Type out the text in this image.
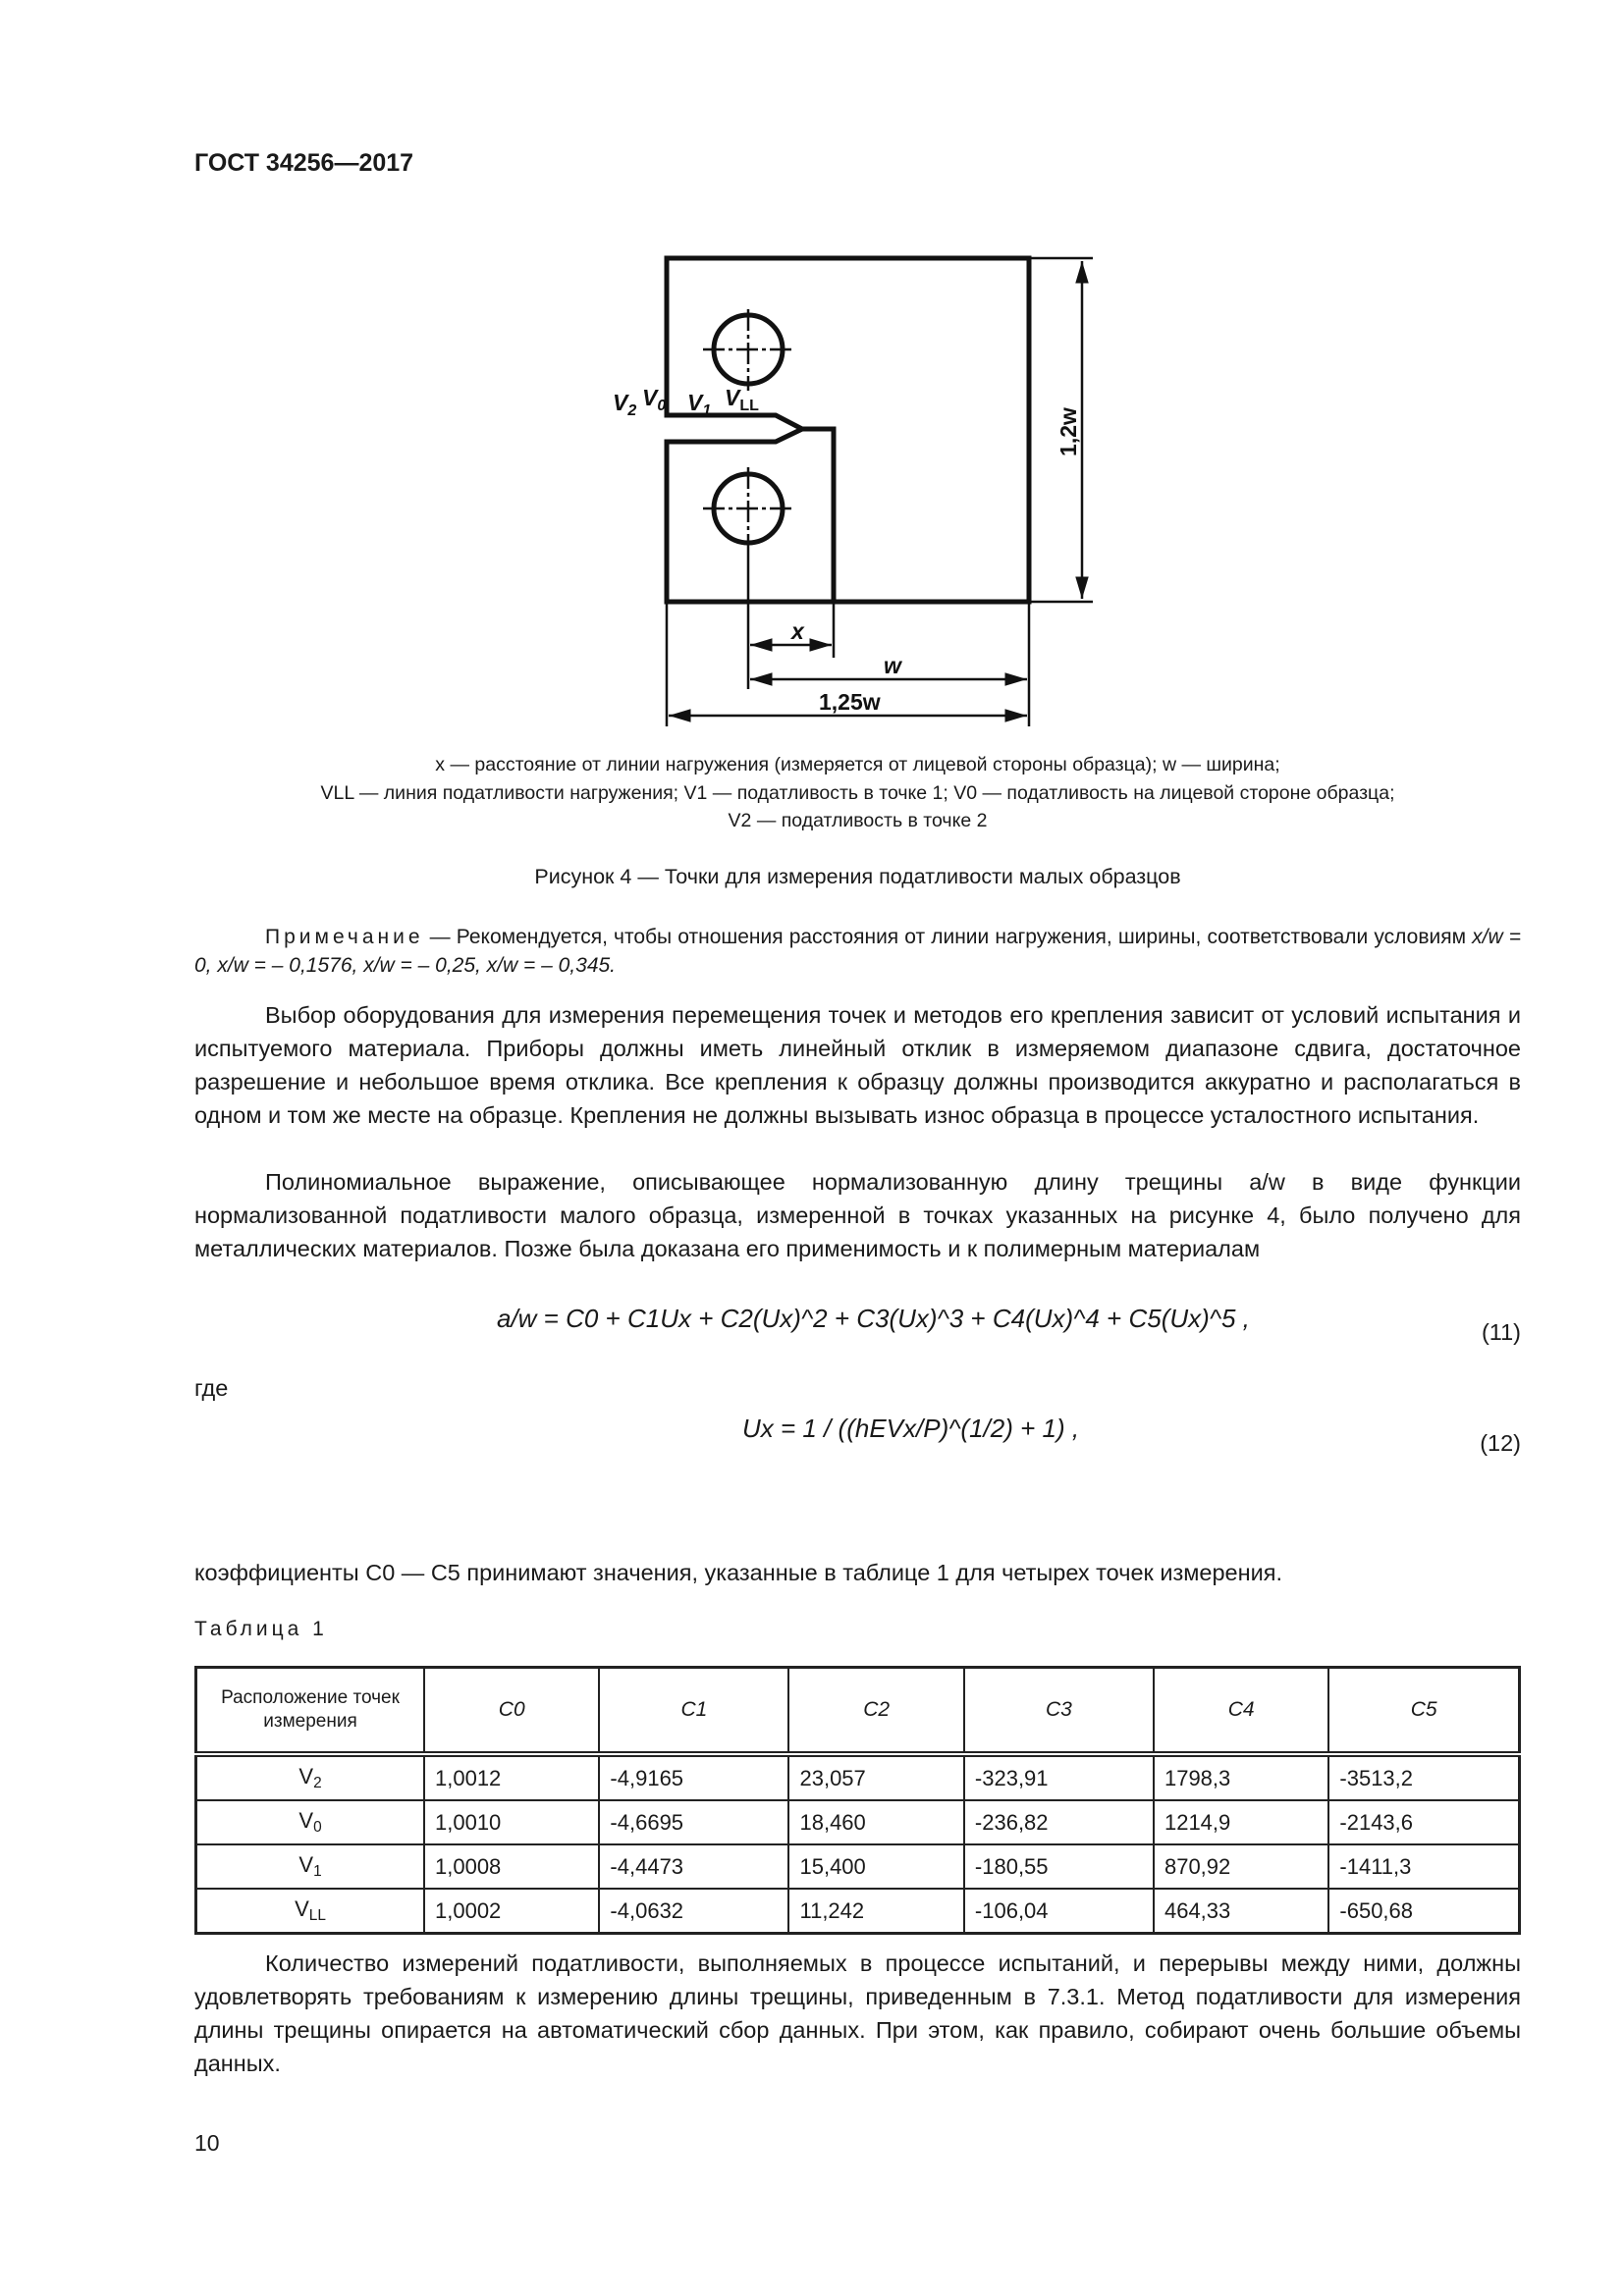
ГОСТ 34256—2017
$V_2$
$V_0$ $V_1$
$V_{LL}$
x
w
1,25w
1,2w
x — расстояние от линии нагружения (измеряется от лицевой стороны образца); w — ширина;
VLL — линия податливости нагружения; V1 — податливость в точке 1; V0 — податливость на лицевой стороне образца;
V2 — податливость в точке 2
Рисунок 4 — Точки для измерения податливости малых образцов
Примечание — Рекомендуется, чтобы отношения расстояния от линии нагружения, ширины, соответствовали условиям x/w = 0, x/w = – 0,1576, x/w = – 0,25, x/w = – 0,345.
Выбор оборудования для измерения перемещения точек и методов его крепления зависит от условий испытания и испытуемого материала. Приборы должны иметь линейный отклик в измеряемом диапазоне сдвига, достаточное разрешение и небольшое время отклика. Все крепления к образцу должны производится аккуратно и располагаться в одном и том же месте на образце. Крепления не должны вызывать износ образца в процессе усталостного испытания.
Полиномиальное выражение, описывающее нормализованную длину трещины a/w в виде функции нормализованной податливости малого образца, измеренной в точках указанных на рисунке 4, было получено для металлических материалов. Позже была доказана его применимость и к полимерным материалам
a/w = C0 + C1Ux + C2(Ux)^2 + C3(Ux)^3 + C4(Ux)^4 + C5(Ux)^5 ,	(11)
где
Ux = 1 / ((hEVx/P)^(1/2) + 1) ,	(12)
коэффициенты C0 — C5 принимают значения, указанные в таблице 1 для четырех точек измерения.
Таблица 1
Расположение точек измерения	C0	C1	C2	C3	C4	C5
$V_2$	1,0012	-4,9165	23,057	-323,91	1798,3	-3513,2
$V_0$	1,0010	-4,6695	18,460	-236,82	1214,9	-2143,6
$V_1$	1,0008	-4,4473	15,400	-180,55	870,92	-1411,3
$V_{LL}$	1,0002	-4,0632	11,242	-106,04	464,33	-650,68
Количество измерений податливости, выполняемых в процессе испытаний, и перерывы между ними, должны удовлетворять требованиям к измерению длины трещины, приведенным в 7.3.1. Метод податливости для измерения длины трещины опирается на автоматический сбор данных. При этом, как правило, собирают очень большие объемы данных.
10
